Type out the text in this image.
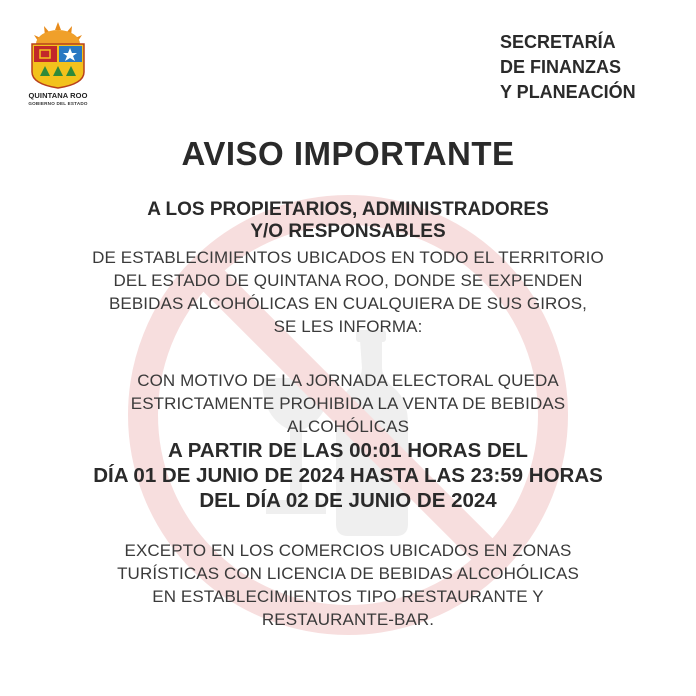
QUINTANA ROO
GOBIERNO DEL ESTADO
SECRETARÍA
DE FINANZAS
Y PLANEACIÓN
AVISO IMPORTANTE
A LOS PROPIETARIOS, ADMINISTRADORES
Y/O RESPONSABLES
DE ESTABLECIMIENTOS UBICADOS EN TODO EL TERRITORIO
DEL ESTADO DE QUINTANA ROO, DONDE SE EXPENDEN
BEBIDAS ALCOHÓLICAS EN CUALQUIERA DE SUS GIROS,
SE LES INFORMA:
CON MOTIVO DE LA JORNADA ELECTORAL QUEDA
ESTRICTAMENTE PROHIBIDA LA VENTA DE BEBIDAS
ALCOHÓLICAS
A PARTIR DE LAS 00:01 HORAS DEL
DÍA 01 DE JUNIO DE 2024 HASTA LAS 23:59 HORAS
DEL DÍA 02 DE JUNIO DE 2024
EXCEPTO EN LOS COMERCIOS UBICADOS EN ZONAS
TURÍSTICAS CON LICENCIA DE BEBIDAS ALCOHÓLICAS
EN ESTABLECIMIENTOS TIPO RESTAURANTE Y
RESTAURANTE-BAR.
